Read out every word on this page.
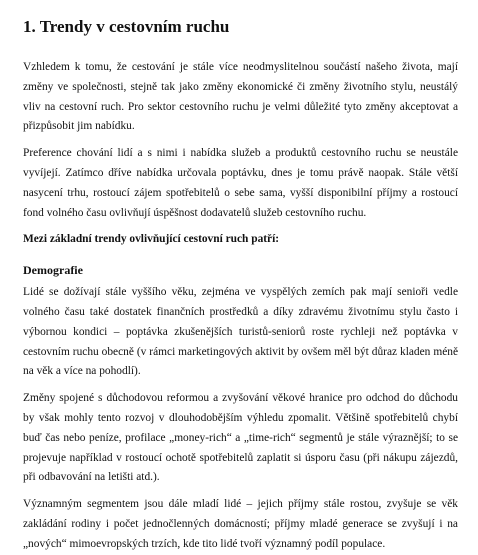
1. Trendy v cestovním ruchu

Vzhledem k tomu, že cestování je stále více neodmyslitelnou součástí našeho života, mají změny ve společnosti, stejně tak jako změny ekonomické či změny životního stylu, neustálý vliv na cestovní ruch. Pro sektor cestovního ruchu je velmi důležité tyto změny akceptovat a přizpůsobit jim nabídku.

Preference chování lidí a s nimi i nabídka služeb a produktů cestovního ruchu se neustále vyvíjejí. Zatímco dříve nabídka určovala poptávku, dnes je tomu právě naopak. Stále větší nasycení trhu, rostoucí zájem spotřebitelů o sebe sama, vyšší disponibilní příjmy a rostoucí fond volného času ovlivňují úspěšnost dodavatelů služeb cestovního ruchu.

Mezi základní trendy ovlivňující cestovní ruch patří:

Demografie

Lidé se dožívají stále vyššího věku, zejména ve vyspělých zemích pak mají senioři vedle volného času také dostatek finančních prostředků a díky zdravému životnímu stylu často i výbornou kondici – poptávka zkušenějších turistů-seniorů roste rychleji než poptávka v cestovním ruchu obecně (v rámci marketingových aktivit by ovšem měl být důraz kladen méně na věk a více na pohodlí).

Změny spojené s důchodovou reformou a zvyšování věkové hranice pro odchod do důchodu by však mohly tento rozvoj v dlouhodobějším výhledu zpomalit. Většině spotřebitelů chybí buď čas nebo peníze, profilace „money-rich“ a „time-rich“ segmentů je stále výraznější; to se projevuje například v rostoucí ochotě spotřebitelů zaplatit si úsporu času (při nákupu zájezdů, při odbavování na letišti atd.).

Významným segmentem jsou dále mladí lidé – jejich příjmy stále rostou, zvyšuje se věk zakládání rodiny i počet jednočlenných domácností; příjmy mladé generace se zvyšují i na „nových“ mimoevropských trzích, kde tito lidé tvoří významný podíl populace.
